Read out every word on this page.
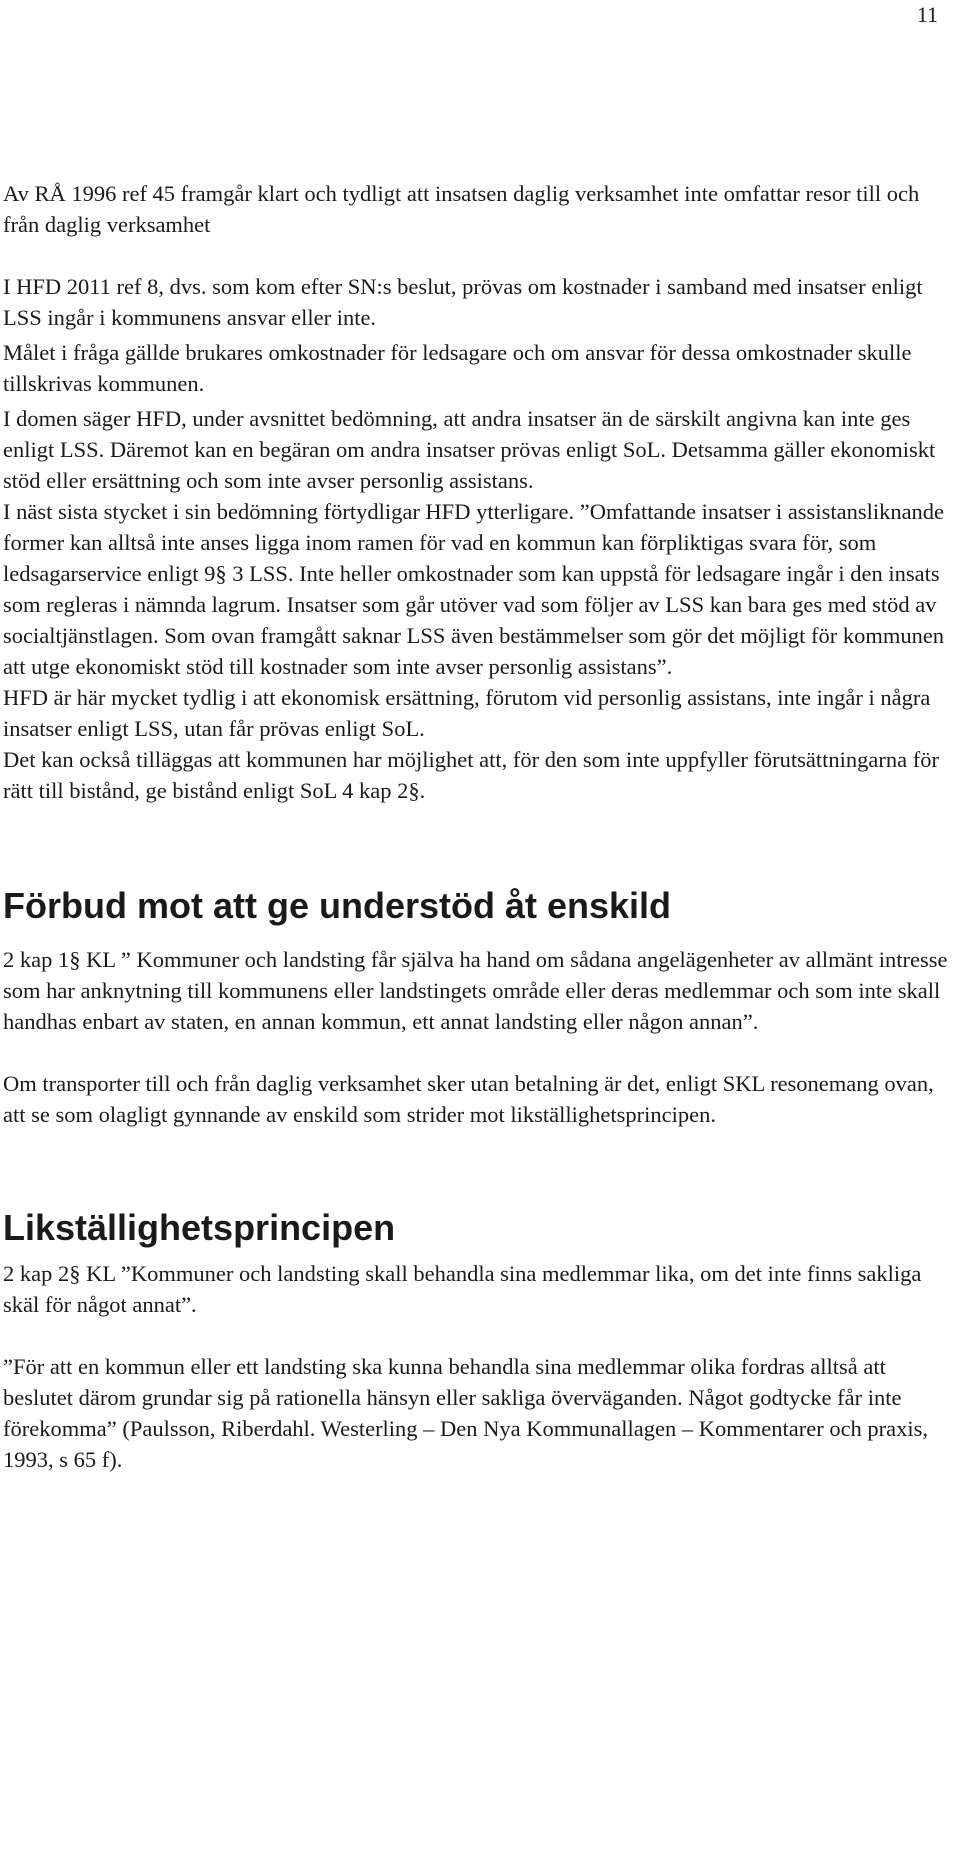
11

Av RÅ 1996 ref 45 framgår klart och tydligt att insatsen daglig verksamhet inte omfattar resor till och från daglig verksamhet

I HFD 2011 ref 8, dvs. som kom efter SN:s beslut, prövas om kostnader i samband med insatser enligt LSS ingår i kommunens ansvar eller inte.

Målet i fråga gällde brukares omkostnader för ledsagare och om ansvar för dessa omkostnader skulle tillskrivas kommunen.

I domen säger HFD, under avsnittet bedömning, att andra insatser än de särskilt angivna kan inte ges enligt LSS. Däremot kan en begäran om andra insatser prövas enligt SoL. Detsamma gäller ekonomiskt stöd eller ersättning och som inte avser personlig assistans.

I näst sista stycket i sin bedömning förtydligar HFD ytterligare. ”Omfattande insatser i assistansliknande former kan alltså inte anses ligga inom ramen för vad en kommun kan förpliktigas svara för, som ledsagarservice enligt 9§ 3 LSS. Inte heller omkostnader som kan uppstå för ledsagare ingår i den insats som regleras i nämnda lagrum. Insatser som går utöver vad som följer av LSS kan bara ges med stöd av socialtjänstlagen. Som ovan framgått saknar LSS även bestämmelser som gör det möjligt för kommunen att utge ekonomiskt stöd till kostnader som inte avser personlig assistans”.

HFD är här mycket tydlig i att ekonomisk ersättning, förutom vid personlig assistans, inte ingår i några insatser enligt LSS, utan får prövas enligt SoL.

Det kan också tilläggas att kommunen har möjlighet att, för den som inte uppfyller förutsättningarna för rätt till bistånd, ge bistånd enligt SoL 4 kap 2§.

Förbud mot att ge understöd åt enskild

2 kap 1§ KL ” Kommuner och landsting får själva ha hand om sådana angelägenheter av allmänt intresse som har anknytning till kommunens eller landstingets område eller deras medlemmar och som inte skall handhas enbart av staten, en annan kommun, ett annat landsting eller någon annan”.

Om transporter till och från daglig verksamhet sker utan betalning är det, enligt SKL resonemang ovan, att se som olagligt gynnande av enskild som strider mot likställighetsprincipen.

Likställighetsprincipen

2 kap 2§ KL ”Kommuner och landsting skall behandla sina medlemmar lika, om det inte finns sakliga skäl för något annat”.

”För att en kommun eller ett landsting ska kunna behandla sina medlemmar olika fordras alltså att beslutet därom grundar sig på rationella hänsyn eller sakliga överväganden. Något godtycke får inte förekomma” (Paulsson, Riberdahl. Westerling – Den Nya Kommunallagen – Kommentarer och praxis, 1993, s 65 f).
